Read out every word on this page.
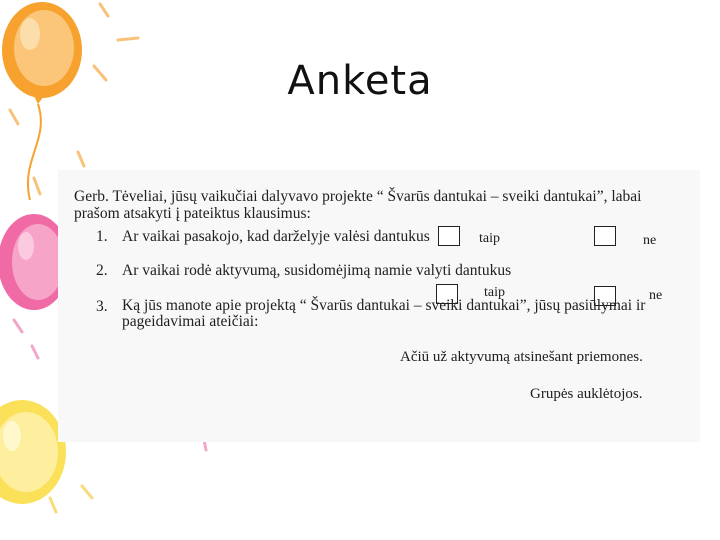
Anketa

Gerb. Tėveliai, jūsų vaikučiai dalyvavo projekte “ Švarūs dantukai – sveiki dantukai”, labai prašom atsakyti į pateiktus klausimus:

1. Ar vaikai pasakojo, kad darželyje valėsi dantukus	taip	ne
2. Ar vaikai rodė aktyvumą, susidomėjimą namie valyti dantukus
taip	ne
3. Ką jūs manote apie projektą “ Švarūs dantukai – sveiki dantukai”, jūsų pasiūlymai ir pageidavimai ateičiai:
Ačiū už aktyvumą atsinešant priemones.
Grupės auklėtojos.
